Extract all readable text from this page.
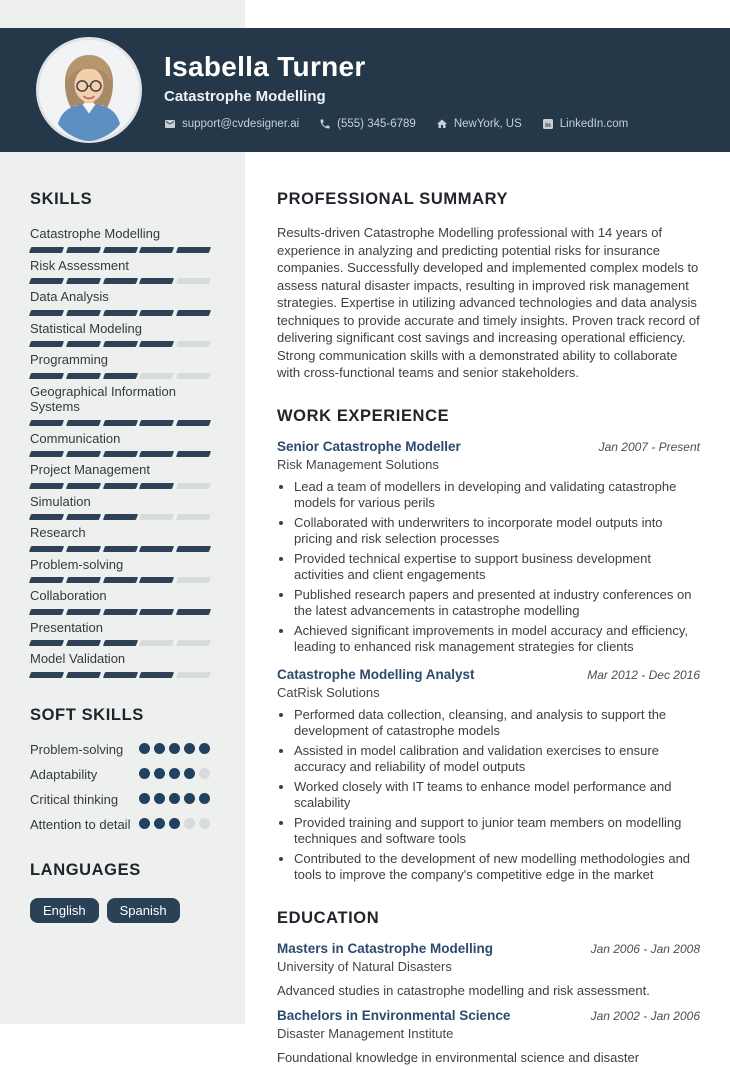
Isabella Turner
Catastrophe Modelling
support@cvdesigner.ai	(555) 345-6789	NewYork, US in LinkedIn.com
SKILLS
Catastrophe Modelling
Risk Assessment
Data Analysis
Statistical Modeling
Programming
Geographical Information Systems
Communication
Project Management
Simulation
Research
Problem-solving
Collaboration
Presentation
Model Validation
SOFT SKILLS
Problem-solving
Adaptability
Critical thinking
Attention to detail
LANGUAGES
English	Spanish
PROFESSIONAL SUMMARY

Results-driven Catastrophe Modelling professional with 14 years of experience in analyzing and predicting potential risks for insurance companies. Successfully developed and implemented complex models to assess natural disaster impacts, resulting in improved risk management strategies. Expertise in utilizing advanced technologies and data analysis techniques to provide accurate and timely insights. Proven track record of delivering significant cost savings and increasing operational efficiency. Strong communication skills with a demonstrated ability to collaborate with cross-functional teams and senior stakeholders.

WORK EXPERIENCE
Senior Catastrophe Modeller	Jan 2007 - Present
Risk Management Solutions
• Lead a team of modellers in developing and validating catastrophe models for various perils
• Collaborated with underwriters to incorporate model outputs into pricing and risk selection processes
• Provided technical expertise to support business development activities and client engagements
• Published research papers and presented at industry conferences on the latest advancements in catastrophe modelling
• Achieved significant improvements in model accuracy and efficiency, leading to enhanced risk management strategies for clients
Catastrophe Modelling Analyst	Mar 2012 - Dec 2016
CatRisk Solutions
• Performed data collection, cleansing, and analysis to support the development of catastrophe models
• Assisted in model calibration and validation exercises to ensure accuracy and reliability of model outputs
• Worked closely with IT teams to enhance model performance and scalability
• Provided training and support to junior team members on modelling techniques and software tools
• Contributed to the development of new modelling methodologies and tools to improve the company's competitive edge in the market
EDUCATION
Masters in Catastrophe Modelling	Jan 2006 - Jan 2008
University of Natural Disasters

Advanced studies in catastrophe modelling and risk assessment.

Bachelors in Environmental Science	Jan 2002 - Jan 2006
Disaster Management Institute

Foundational knowledge in environmental science and disaster
